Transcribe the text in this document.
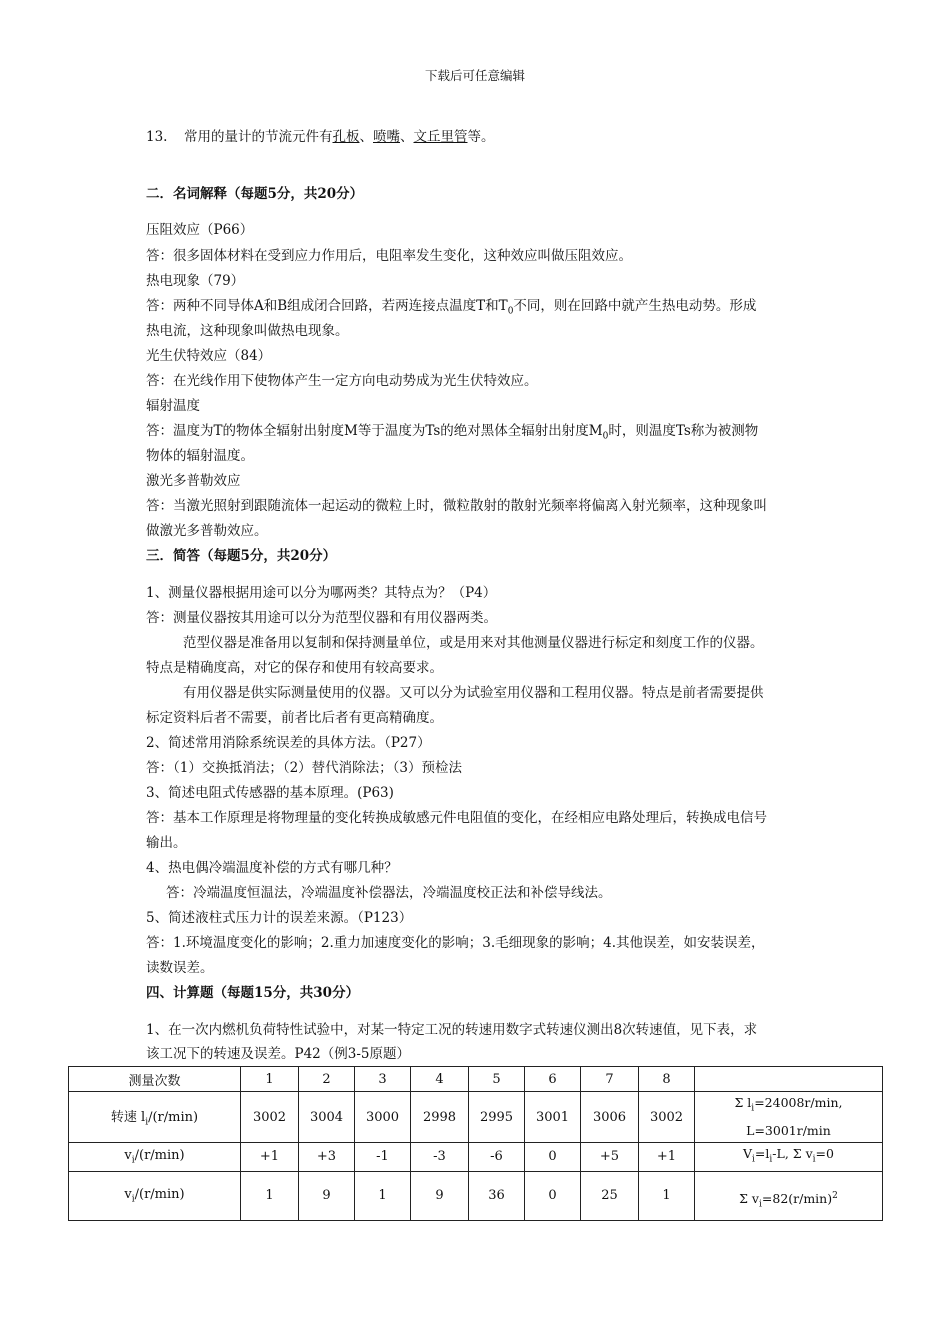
下载后可任意编辑
13. 常用的量计的节流元件有孔板、喷嘴、文丘里管等。
二．名词解释（每题5分，共20分）
压阻效应（P66）
答：很多固体材料在受到应力作用后，电阻率发生变化，这种效应叫做压阻效应。
热电现象（79）
答：两种不同导体A和B组成闭合回路，若两连接点温度T和$T_0$不同，则在回路中就产生热电动势。形成
热电流，这种现象叫做热电现象。
光生伏特效应（84）
答：在光线作用下使物体产生一定方向电动势成为光生伏特效应。
辐射温度
答：温度为T的物体全辐射出射度M等于温度为Ts的绝对黑体全辐射出射度$M_0$时，则温度Ts称为被测物
物体的辐射温度。
激光多普勒效应
答：当激光照射到跟随流体一起运动的微粒上时，微粒散射的散射光频率将偏离入射光频率，这种现象叫
做激光多普勒效应。
三．简答（每题5分，共20分）
1、测量仪器根据用途可以分为哪两类？其特点为？（P4）
答：测量仪器按其用途可以分为范型仪器和有用仪器两类。
范型仪器是准备用以复制和保持测量单位，或是用来对其他测量仪器进行标定和刻度工作的仪器。
特点是精确度高，对它的保存和使用有较高要求。
有用仪器是供实际测量使用的仪器。又可以分为试验室用仪器和工程用仪器。特点是前者需要提供
标定资料后者不需要，前者比后者有更高精确度。
2、简述常用消除系统误差的具体方法。（P27）
答：（1）交换抵消法；（2）替代消除法；（3）预检法
3、简述电阻式传感器的基本原理。(P63)
答：基本工作原理是将物理量的变化转换成敏感元件电阻值的变化，在经相应电路处理后，转换成电信号
输出。
4、热电偶冷端温度补偿的方式有哪几种？
答：冷端温度恒温法，冷端温度补偿器法，冷端温度校正法和补偿导线法。
5、简述液柱式压力计的误差来源。（P123）
答：1.环境温度变化的影响；2.重力加速度变化的影响；3.毛细现象的影响；4.其他误差，如安装误差，
读数误差。
四、计算题（每题15分，共30分）
1、在一次内燃机负荷特性试验中，对某一特定工况的转速用数字式转速仪测出8次转速值，见下表，求
该工况下的转速及误差。P42（例3-5原题）
测量次数	1	2	3	4	5	6	7	8	
转速 $l_i/(r/\min)$	3002	3004	3000	2998	2995	3001	3006	3002	Σ $l_i=24008r/\min$,
L=3001r/min

$v_i/(r/\min)$	+1	+3	-1	-3	-6	0	+5	+1	$V_i=l_i-L$, Σ $v_i=0$
$v_i/(r/\min)$	1	9	1	9	36	0	25	1	Σ $v_i=82(r/\min)^2$
